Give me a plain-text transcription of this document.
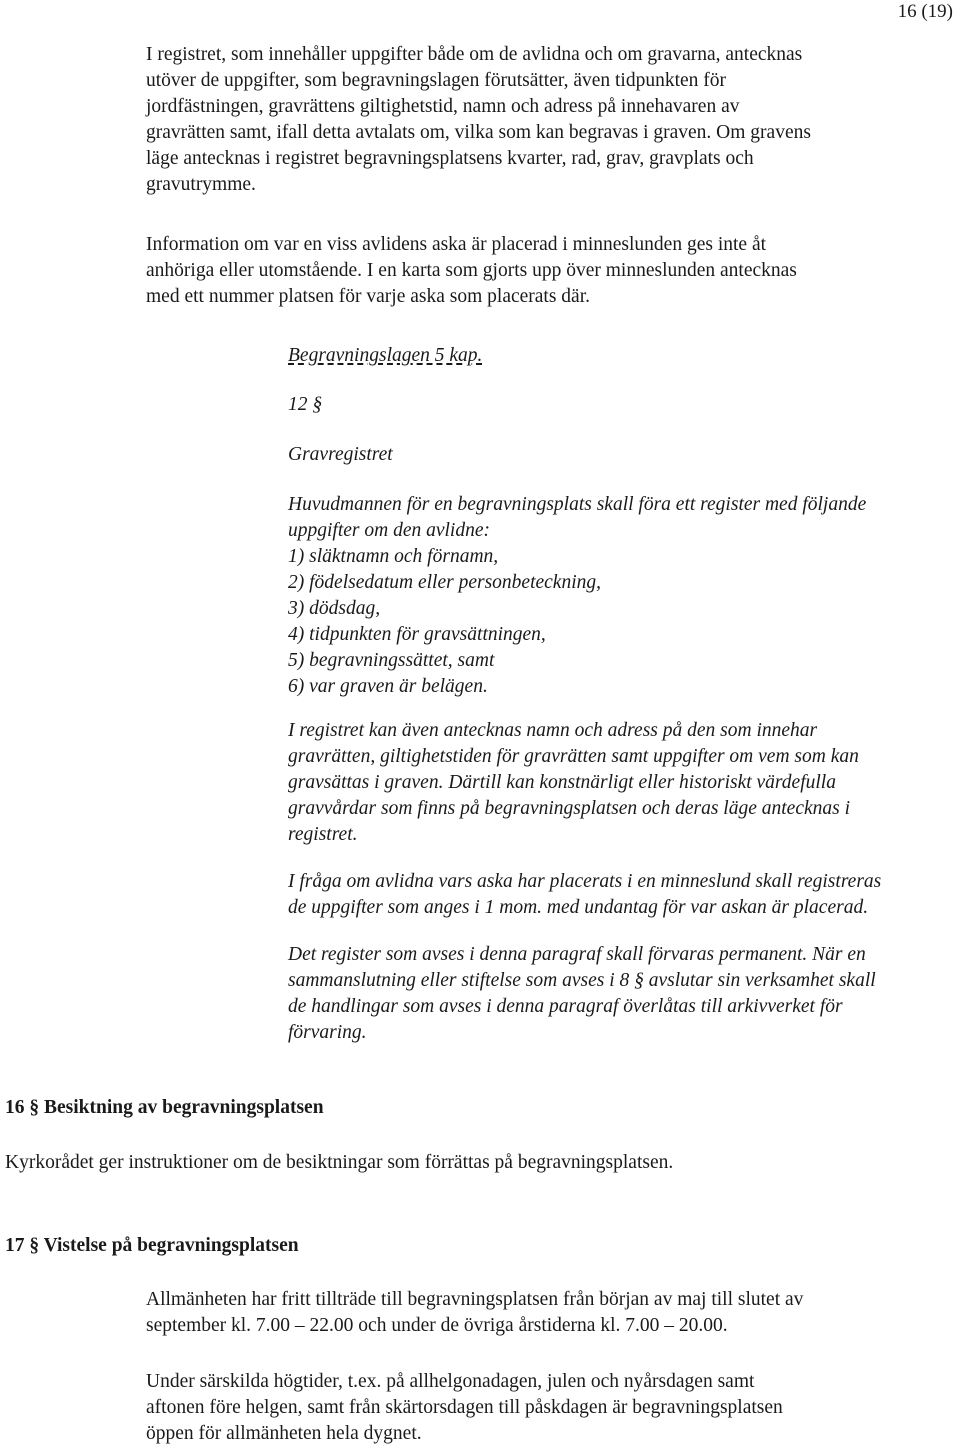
16 (19)

I registret, som innehåller uppgifter både om de avlidna och om gravarna, antecknas
utöver de uppgifter, som begravningslagen förutsätter, även tidpunkten för
jordfästningen, gravrättens giltighetstid, namn och adress på innehavaren av
gravrätten samt, ifall detta avtalats om, vilka som kan begravas i graven. Om gravens
läge antecknas i registret begravningsplatsens kvarter, rad, grav, gravplats och
gravutrymme.

Information om var en viss avlidens aska är placerad i minneslunden ges inte åt
anhöriga eller utomstående. I en karta som gjorts upp över minneslunden antecknas
med ett nummer platsen för varje aska som placerats där.

Begravningslagen 5 kap.
12 §
Gravregistret

Huvudmannen för en begravningsplats skall föra ett register med följande
uppgifter om den avlidne:
1) släktnamn och förnamn,
2) födelsedatum eller personbeteckning,
3) dödsdag,
4) tidpunkten för gravsättningen,
5) begravningssättet, samt
6) var graven är belägen.

I registret kan även antecknas namn och adress på den som innehar
gravrätten, giltighetstiden för gravrätten samt uppgifter om vem som kan
gravsättas i graven. Därtill kan konstnärligt eller historiskt värdefulla
gravvårdar som finns på begravningsplatsen och deras läge antecknas i
registret.

I fråga om avlidna vars aska har placerats i en minneslund skall registreras
de uppgifter som anges i 1 mom. med undantag för var askan är placerad.

Det register som avses i denna paragraf skall förvaras permanent. När en
sammanslutning eller stiftelse som avses i 8 § avslutar sin verksamhet skall
de handlingar som avses i denna paragraf överlåtas till arkivverket för
förvaring.

16 § Besiktning av begravningsplatsen

Kyrkorådet ger instruktioner om de besiktningar som förrättas på begravningsplatsen.

17 § Vistelse på begravningsplatsen

Allmänheten har fritt tillträde till begravningsplatsen från början av maj till slutet av
september kl. 7.00 – 22.00 och under de övriga årstiderna kl. 7.00 – 20.00.

Under särskilda högtider, t.ex. på allhelgonadagen, julen och nyårsdagen samt
aftonen före helgen, samt från skärtorsdagen till påskdagen är begravningsplatsen
öppen för allmänheten hela dygnet.
